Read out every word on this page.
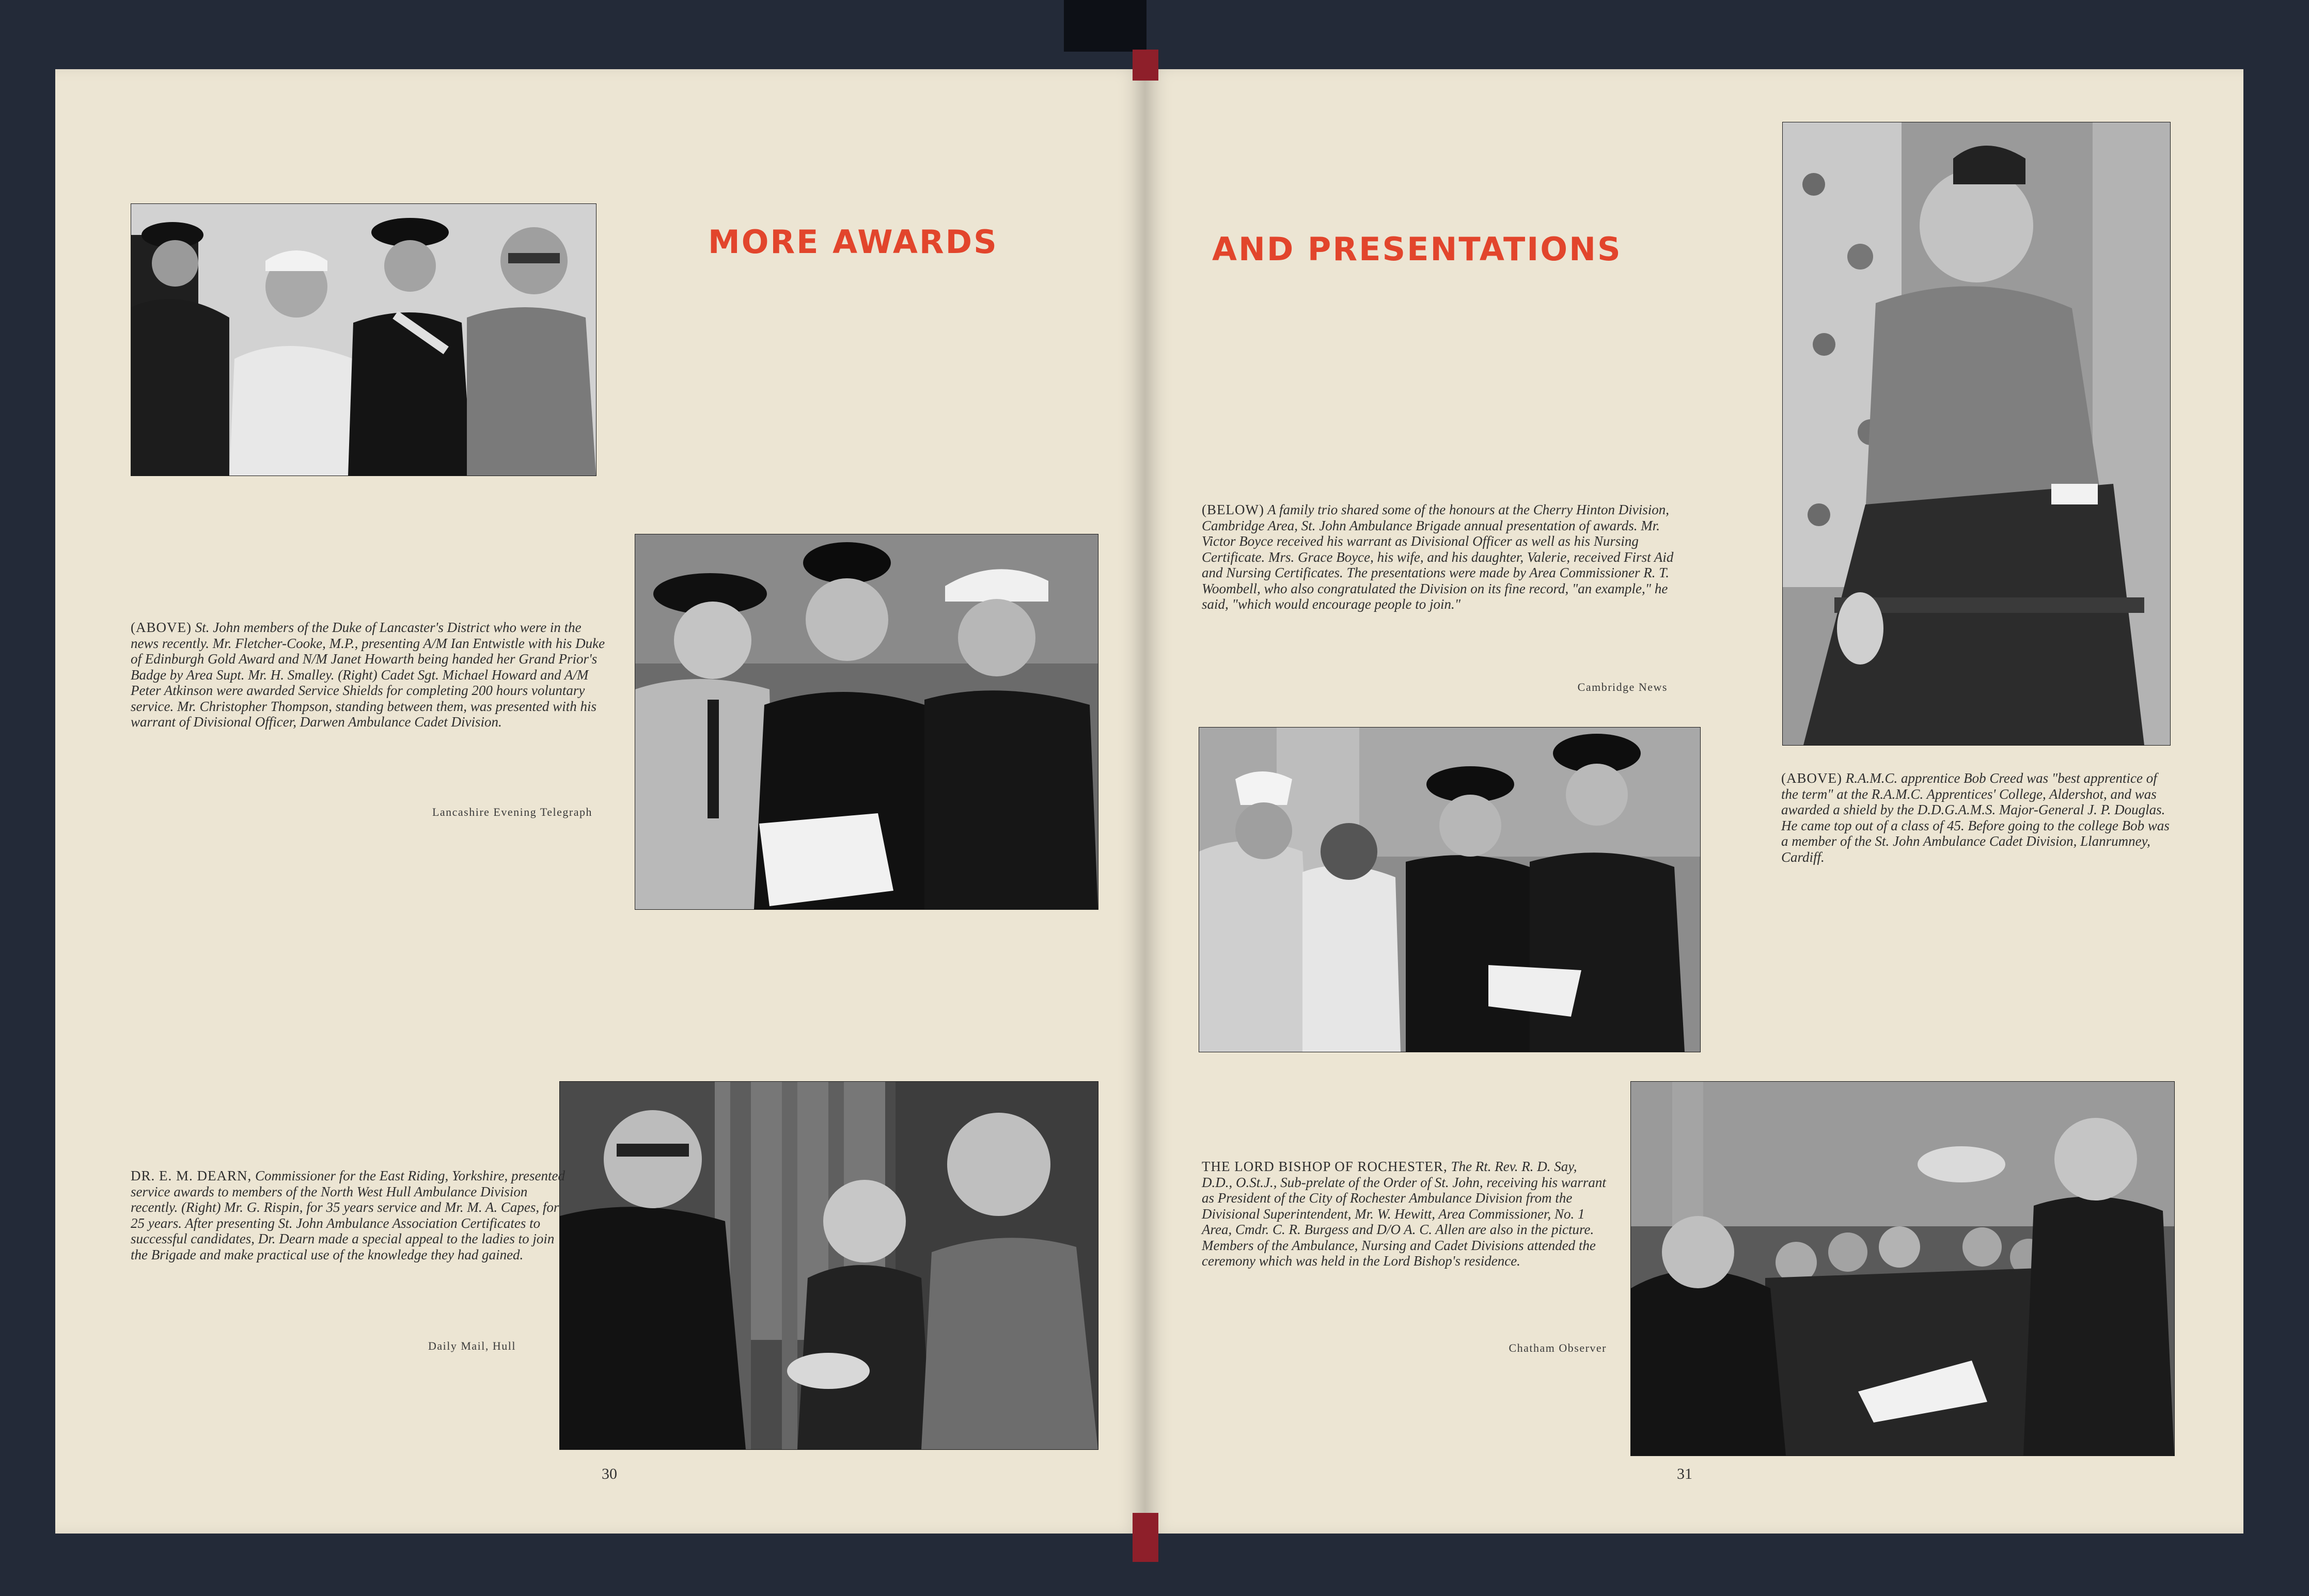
MORE AWARDS

(ABOVE) St. John members of the Duke of Lancaster's District who were in the news recently. Mr. Fletcher-Cooke, M.P., presenting A/M Ian Entwistle with his Duke of Edinburgh Gold Award and N/M Janet Howarth being handed her Grand Prior's Badge by Area Supt. Mr. H. Smalley. (Right) Cadet Sgt. Michael Howard and A/M Peter Atkinson were awarded Service Shields for completing 200 hours voluntary service. Mr. Christopher Thompson, standing between them, was presented with his warrant of Divisional Officer, Darwen Ambulance Cadet Division.

Lancashire Evening Telegraph

DR. E. M. DEARN, Commissioner for the East Riding, Yorkshire, presented service awards to members of the North West Hull Ambulance Division recently. (Right) Mr. G. Rispin, for 35 years service and Mr. M. A. Capes, for 25 years. After presenting St. John Ambulance Association Certificates to successful candidates, Dr. Dearn made a special appeal to the ladies to join the Brigade and make practical use of the knowledge they had gained.

Daily Mail, Hull

30

AND PRESENTATIONS

(BELOW) A family trio shared some of the honours at the Cherry Hinton Division, Cambridge Area, St. John Ambulance Brigade annual presentation of awards. Mr. Victor Boyce received his warrant as Divisional Officer as well as his Nursing Certificate. Mrs. Grace Boyce, his wife, and his daughter, Valerie, received First Aid and Nursing Certificates. The presentations were made by Area Commissioner R. T. Woombell, who also congratulated the Division on its fine record, "an example," he said, "which would encourage people to join."

Cambridge News

(ABOVE) R.A.M.C. apprentice Bob Creed was "best apprentice of the term" at the R.A.M.C. Apprentices' College, Aldershot, and was awarded a shield by the D.D.G.A.M.S. Major-General J. P. Douglas. He came top out of a class of 45. Before going to the college Bob was a member of the St. John Ambulance Cadet Division, Llanrumney, Cardiff.

THE LORD BISHOP OF ROCHESTER, The Rt. Rev. R. D. Say, D.D., O.St.J., Sub-prelate of the Order of St. John, receiving his warrant as President of the City of Rochester Ambulance Division from the Divisional Superintendent, Mr. W. Hewitt, Area Commissioner, No. 1 Area, Cmdr. C. R. Burgess and D/O A. C. Allen are also in the picture. Members of the Ambulance, Nursing and Cadet Divisions attended the ceremony which was held in the Lord Bishop's residence.

Chatham Observer

31
